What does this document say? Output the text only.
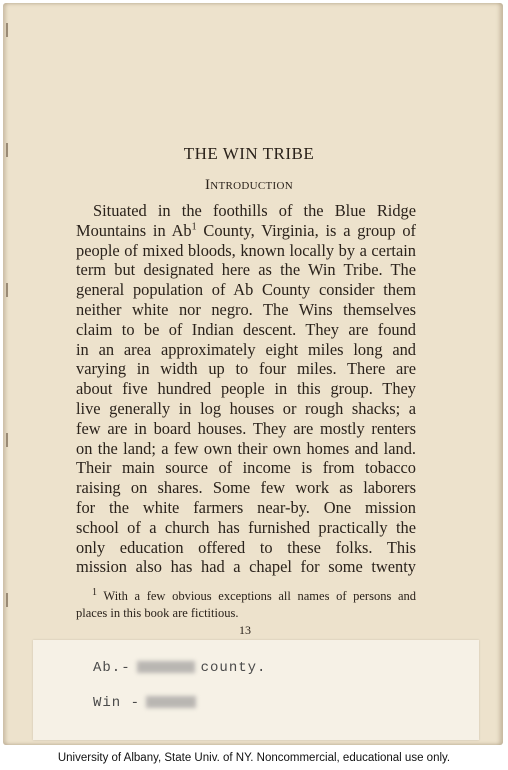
THE WIN TRIBE
Introduction
Situated in the foothills of the Blue Ridge
Mountains in Ab$^1$ County, Virginia, is a group of
people of mixed bloods, known locally by a certain
term but designated here as the Win Tribe. The
general population of Ab County consider them
neither white nor negro. The Wins themselves
claim to be of Indian descent. They are found
in an area approximately eight miles long and
varying in width up to four miles. There are
about five hundred people in this group. They
live generally in log houses or rough shacks; a
few are in board houses. They are mostly renters
on the land; a few own their own homes and land.
Their main source of income is from tobacco
raising on shares. Some few work as laborers
for the white farmers near-by. One mission
school of a church has furnished practically the
only education offered to these folks. This
mission also has had a chapel for some twenty
$^1$ With a few obvious exceptions all names of persons and
places in this book are fictitious.
13
Ab.-	county.
Win -
University of Albany, State Univ. of NY. Noncommercial, educational use only.
